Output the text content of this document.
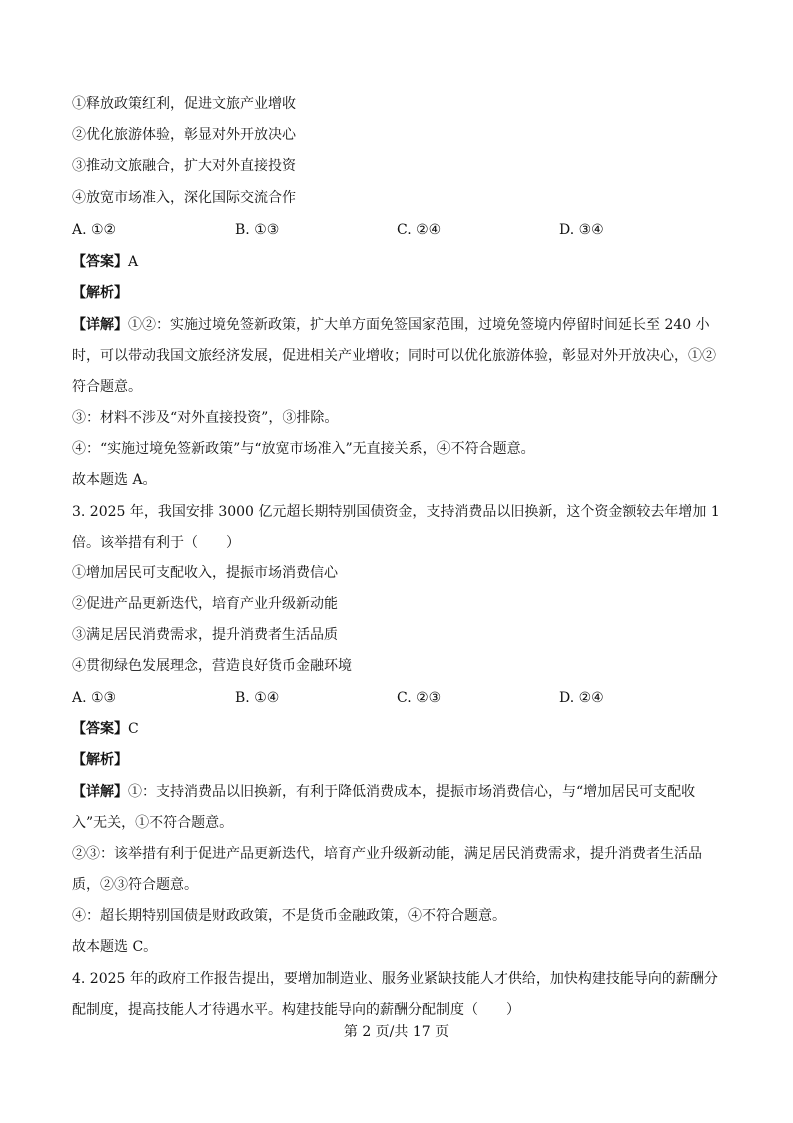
①释放政策红利，促进文旅产业增收
②优化旅游体验，彰显对外开放决心
③推动文旅融合，扩大对外直接投资
④放宽市场准入，深化国际交流合作
A. ①②	B. ①③	C. ②④	D. ③④
【答案】A
【解析】
【详解】①②：实施过境免签新政策，扩大单方面免签国家范围，过境免签境内停留时间延长至 240 小时，可以带动我国文旅经济发展，促进相关产业增收；同时可以优化旅游体验，彰显对外开放决心，①②符合题意。
③：材料不涉及“对外直接投资”，③排除。
④：“实施过境免签新政策”与“放宽市场准入”无直接关系，④不符合题意。
故本题选 A。
3. 2025 年，我国安排 3000 亿元超长期特别国债资金，支持消费品以旧换新，这个资金额较去年增加 1 倍。该举措有利于（　　）
①增加居民可支配收入，提振市场消费信心
②促进产品更新迭代，培育产业升级新动能
③满足居民消费需求，提升消费者生活品质
④贯彻绿色发展理念，营造良好货币金融环境
A. ①③	B. ①④	C. ②③	D. ②④
【答案】C
【解析】
【详解】①：支持消费品以旧换新，有利于降低消费成本，提振市场消费信心，与“增加居民可支配收入”无关，①不符合题意。
②③：该举措有利于促进产品更新迭代，培育产业升级新动能，满足居民消费需求，提升消费者生活品质，②③符合题意。
④：超长期特别国债是财政政策，不是货币金融政策，④不符合题意。
故本题选 C。
4. 2025 年的政府工作报告提出，要增加制造业、服务业紧缺技能人才供给，加快构建技能导向的薪酬分配制度，提高技能人才待遇水平。构建技能导向的薪酬分配制度（　　）
第 2 页/共 17 页
